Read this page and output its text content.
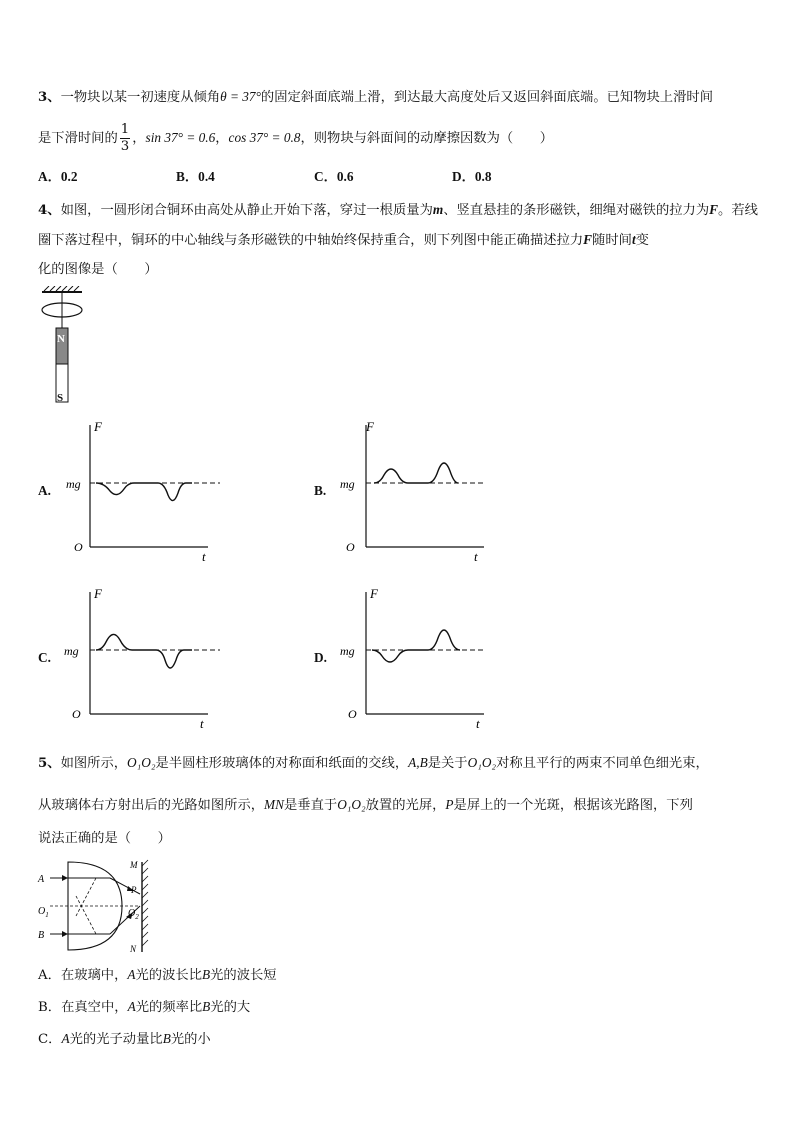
3、一物块以某一初速度从倾角θ = 37°的固定斜面底端上滑，到达最大高度处后又返回斜面底端。已知物块上滑时间
是下滑时间的 $\frac{1}{3}$ ，sin 37° = 0.6，cos 37° = 0.8，则物块与斜面间的动摩擦因数为（　　）
A．0.2	B．0.4	C．0.6	D．0.8
4、如图，一圆形闭合铜环由高处从静止开始下落，穿过一根质量为m、竖直悬挂的条形磁铁，细绳对磁铁的拉力为F。若线圈下落过程中，铜环的中心轴线与条形磁铁的中轴始终保持重合，则下列图中能正确描述拉力F随时间t变
化的图像是（　　）
N
S
A.	B.
C.	D.
F
mg
O
t
F
mg
O
t
F
mg
O
t
F
mg
O
t
5、如图所示，O₁O₂是半圆柱形玻璃体的对称面和纸面的交线，A,B是关于O₁O₂对称且平行的两束不同单色细光束，
从玻璃体右方射出后的光路如图所示，MN是垂直于O₁O₂放置的光屏，P是屏上的一个光斑，根据该光路图，下列
说法正确的是（　　）
A
B
$O_1$	$O_2$
M
P
N
A．在玻璃中，A光的波长比B光的波长短
B．在真空中，A光的频率比B光的大
C．A光的光子动量比B光的小
